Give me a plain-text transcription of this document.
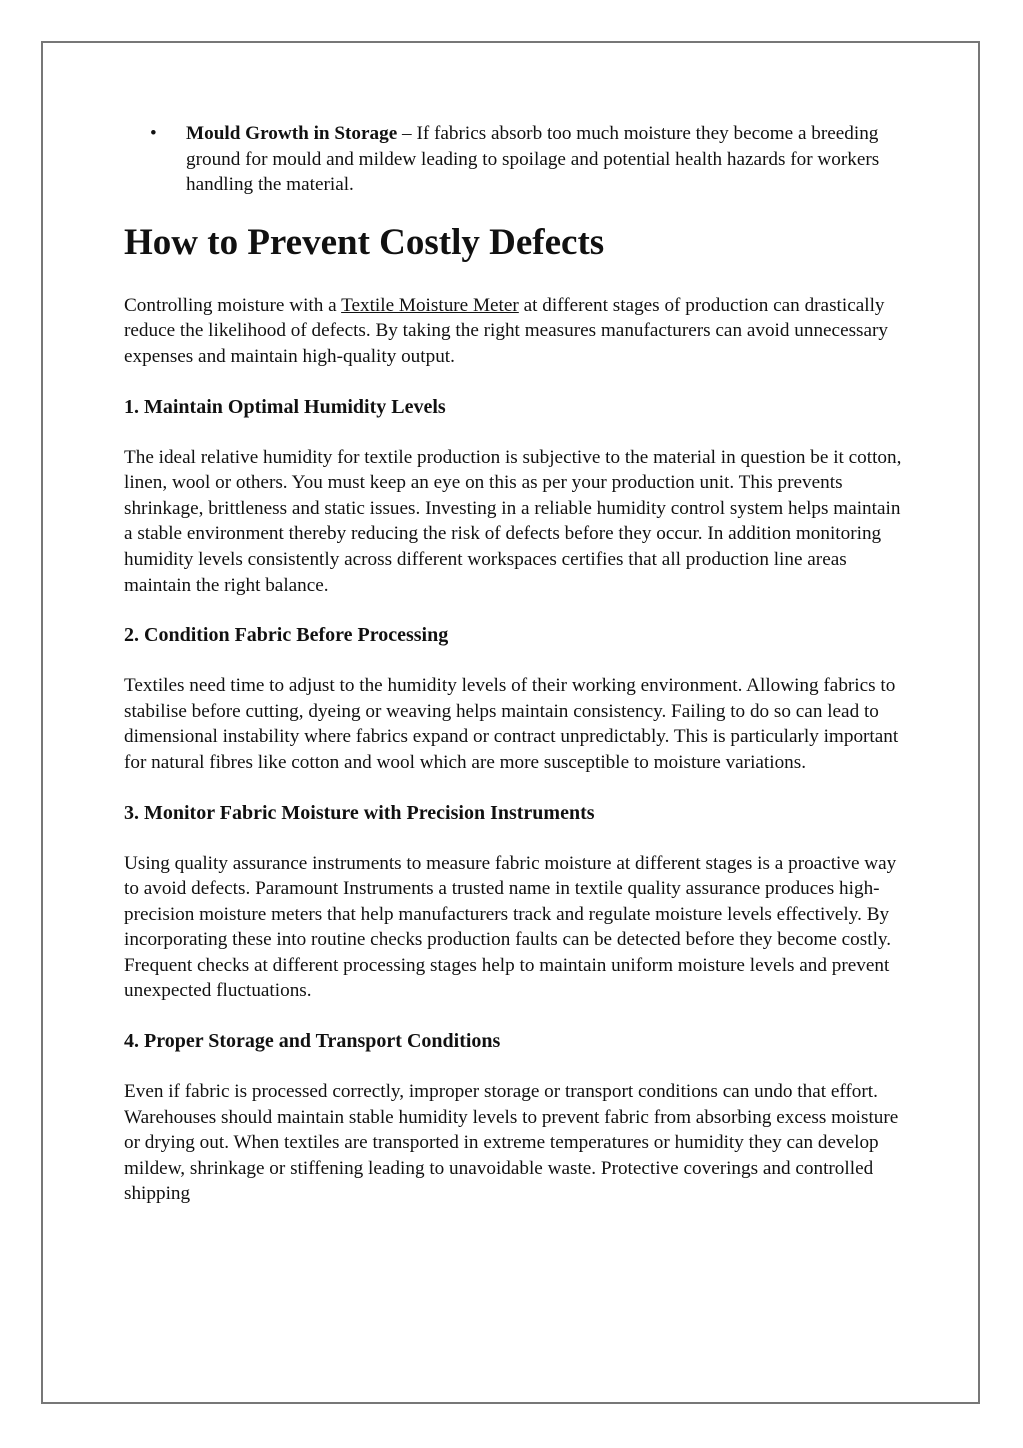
• Mould Growth in Storage – If fabrics absorb too much moisture they become a breeding ground for mould and mildew leading to spoilage and potential health hazards for workers handling the material.
How to Prevent Costly Defects

Controlling moisture with a Textile Moisture Meter at different stages of production can drastically reduce the likelihood of defects. By taking the right measures manufacturers can avoid unnecessary expenses and maintain high-quality output.

1. Maintain Optimal Humidity Levels

The ideal relative humidity for textile production is subjective to the material in question be it cotton, linen, wool or others. You must keep an eye on this as per your production unit. This prevents shrinkage, brittleness and static issues. Investing in a reliable humidity control system helps maintain a stable environment thereby reducing the risk of defects before they occur. In addition monitoring humidity levels consistently across different workspaces certifies that all production line areas maintain the right balance.

2. Condition Fabric Before Processing

Textiles need time to adjust to the humidity levels of their working environment. Allowing fabrics to stabilise before cutting, dyeing or weaving helps maintain consistency. Failing to do so can lead to dimensional instability where fabrics expand or contract unpredictably. This is particularly important for natural fibres like cotton and wool which are more susceptible to moisture variations.

3. Monitor Fabric Moisture with Precision Instruments

Using quality assurance instruments to measure fabric moisture at different stages is a proactive way to avoid defects. Paramount Instruments a trusted name in textile quality assurance produces high-precision moisture meters that help manufacturers track and regulate moisture levels effectively. By incorporating these into routine checks production faults can be detected before they become costly. Frequent checks at different processing stages help to maintain uniform moisture levels and prevent unexpected fluctuations.

4. Proper Storage and Transport Conditions

Even if fabric is processed correctly, improper storage or transport conditions can undo that effort. Warehouses should maintain stable humidity levels to prevent fabric from absorbing excess moisture or drying out. When textiles are transported in extreme temperatures or humidity they can develop mildew, shrinkage or stiffening leading to unavoidable waste. Protective coverings and controlled shipping
